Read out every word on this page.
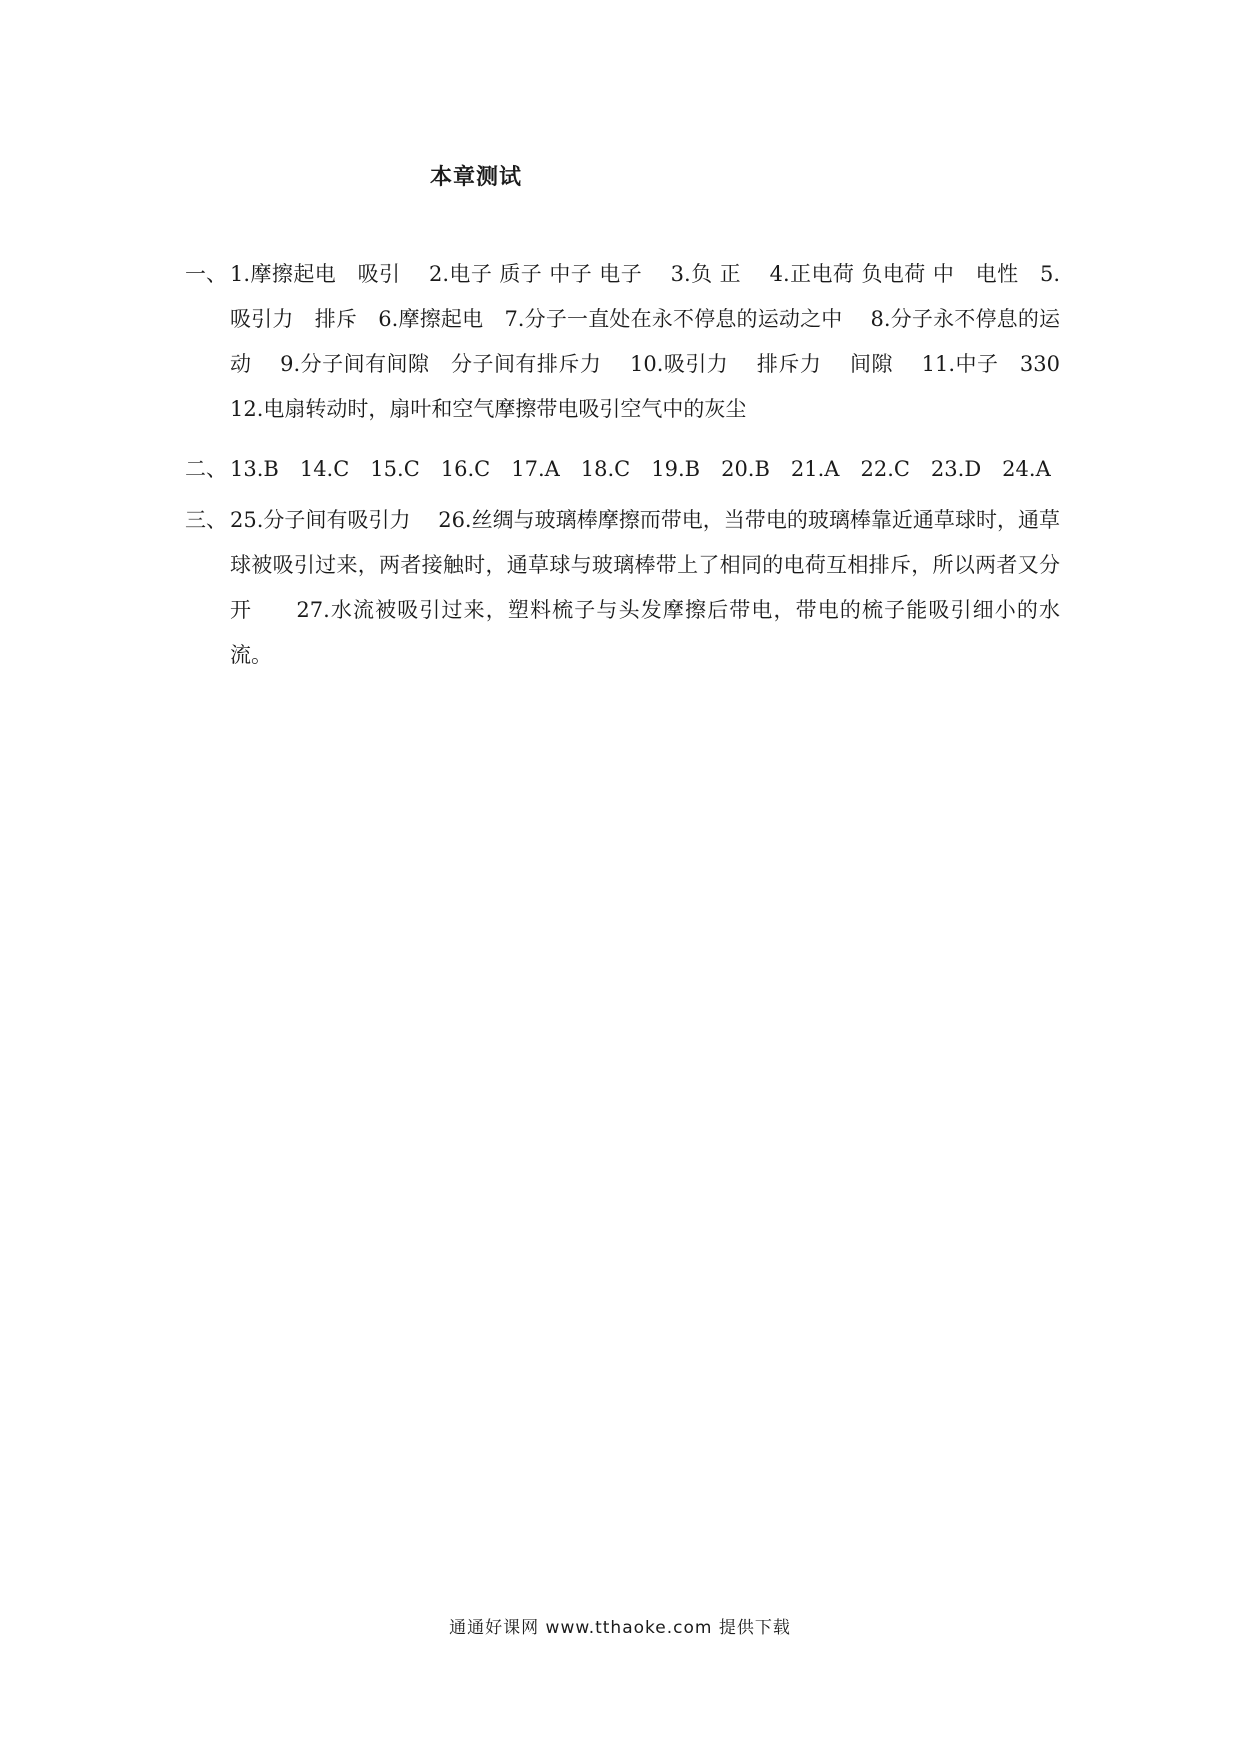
本章测试
一、 1.摩擦起电　吸引　 2.电子 质子 中子 电子　 3.负 正　 4.正电荷 负电荷 中　电性　5.吸引力　排斥　6.摩擦起电　7.分子一直处在永不停息的运动之中　 8.分子永不停息的运动　 9.分子间有间隙　分子间有排斥力　 10.吸引力　 排斥力　 间隙　 11.中子　330　 12.电扇转动时，扇叶和空气摩擦带电吸引空气中的灰尘
二、 13.B　14.C　15.C　16.C　17.A　18.C　19.B　20.B　21.A　22.C　23.D　24.A
三、 25.分子间有吸引力　 26.丝绸与玻璃棒摩擦而带电，当带电的玻璃棒靠近通草球时，通草球被吸引过来，两者接触时，通草球与玻璃棒带上了相同的电荷互相排斥，所以两者又分开　　27.水流被吸引过来，塑料梳子与头发摩擦后带电，带电的梳子能吸引细小的水流。
通通好课网 www.tthaoke.com 提供下载
